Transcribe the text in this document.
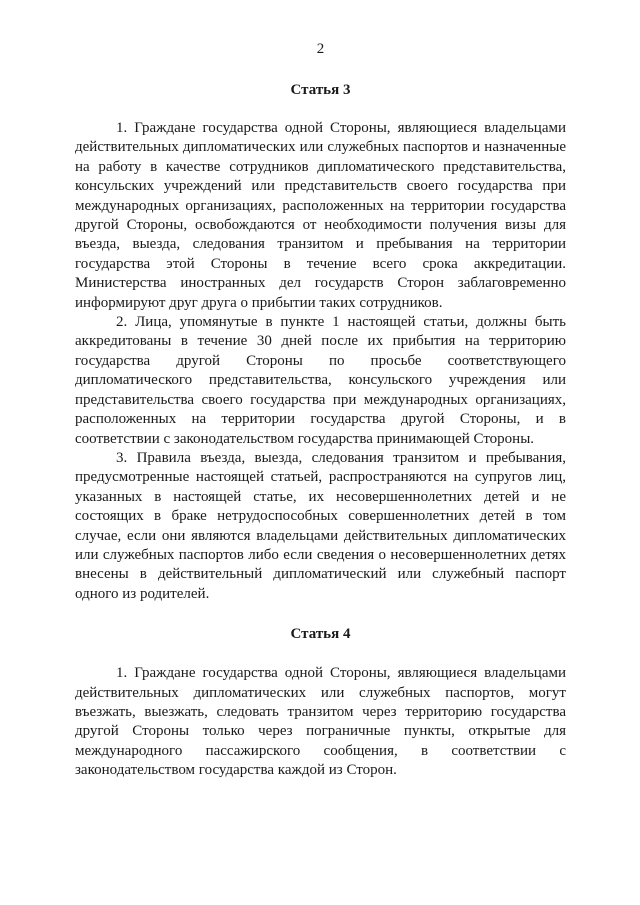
2
Статья 3

1. Граждане государства одной Стороны, являющиеся владельцами действительных дипломатических или служебных паспортов и назначенные на работу в качестве сотрудников дипломатического представительства, консульских учреждений или представительств своего государства при международных организациях, расположенных на территории государства другой Стороны, освобождаются от необходимости получения визы для въезда, выезда, следования транзитом и пребывания на территории государства этой Стороны в течение всего срока аккредитации. Министерства иностранных дел государств Сторон заблаговременно информируют друг друга о прибытии таких сотрудников.

2. Лица, упомянутые в пункте 1 настоящей статьи, должны быть аккредитованы в течение 30 дней после их прибытия на территорию государства другой Стороны по просьбе соответствующего дипломатического представительства, консульского учреждения или представительства своего государства при международных организациях, расположенных на территории государства другой Стороны, и в соответствии с законодательством государства принимающей Стороны.

3. Правила въезда, выезда, следования транзитом и пребывания, предусмотренные настоящей статьей, распространяются на супругов лиц, указанных в настоящей статье, их несовершеннолетних детей и не состоящих в браке нетрудоспособных совершеннолетних детей в том случае, если они являются владельцами действительных дипломатических или служебных паспортов либо если сведения о несовершеннолетних детях внесены в действительный дипломатический или служебный паспорт одного из родителей.

Статья 4

1. Граждане государства одной Стороны, являющиеся владельцами действительных дипломатических или служебных паспортов, могут въезжать, выезжать, следовать транзитом через территорию государства другой Стороны только через пограничные пункты, открытые для международного пассажирского сообщения, в соответствии с законодательством государства каждой из Сторон.
